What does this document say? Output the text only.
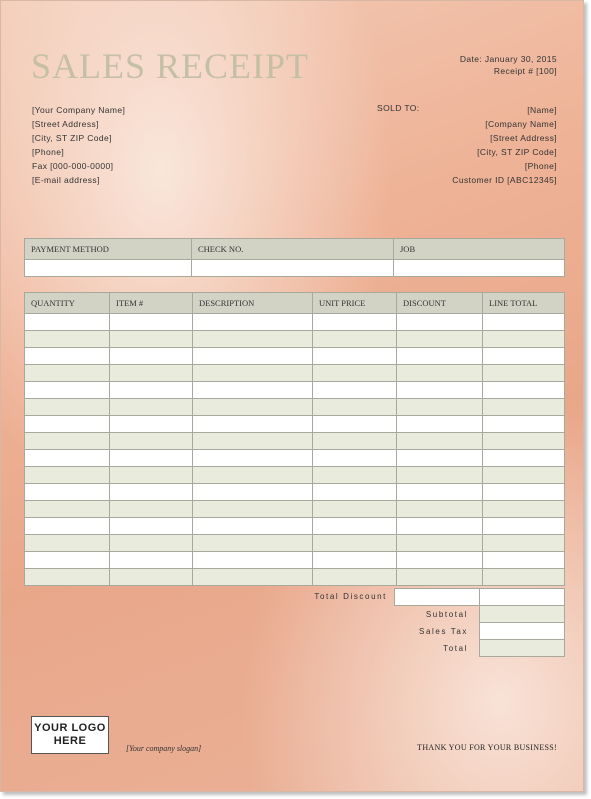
SALES RECEIPT	Date: January 30, 2015
Receipt # [100]
[Your Company Name]
[Street Address]
[City, ST ZIP Code]
[Phone]
Fax [000-000-0000]
[E-mail address]
SOLD TO:	[Name]
[Company Name]
[Street Address]
[City, ST ZIP Code]
[Phone]
Customer ID [ABC12345]
PAYMENT METHOD	CHECK NO.	JOB

QUANTITY	ITEM #	DESCRIPTION	UNIT PRICE	DISCOUNT	LINE TOTAL

Total Discount
Subtotal
Sales Tax
Total
YOUR LOGO
HERE
[Your company slogan]	THANK YOU FOR YOUR BUSINESS!
